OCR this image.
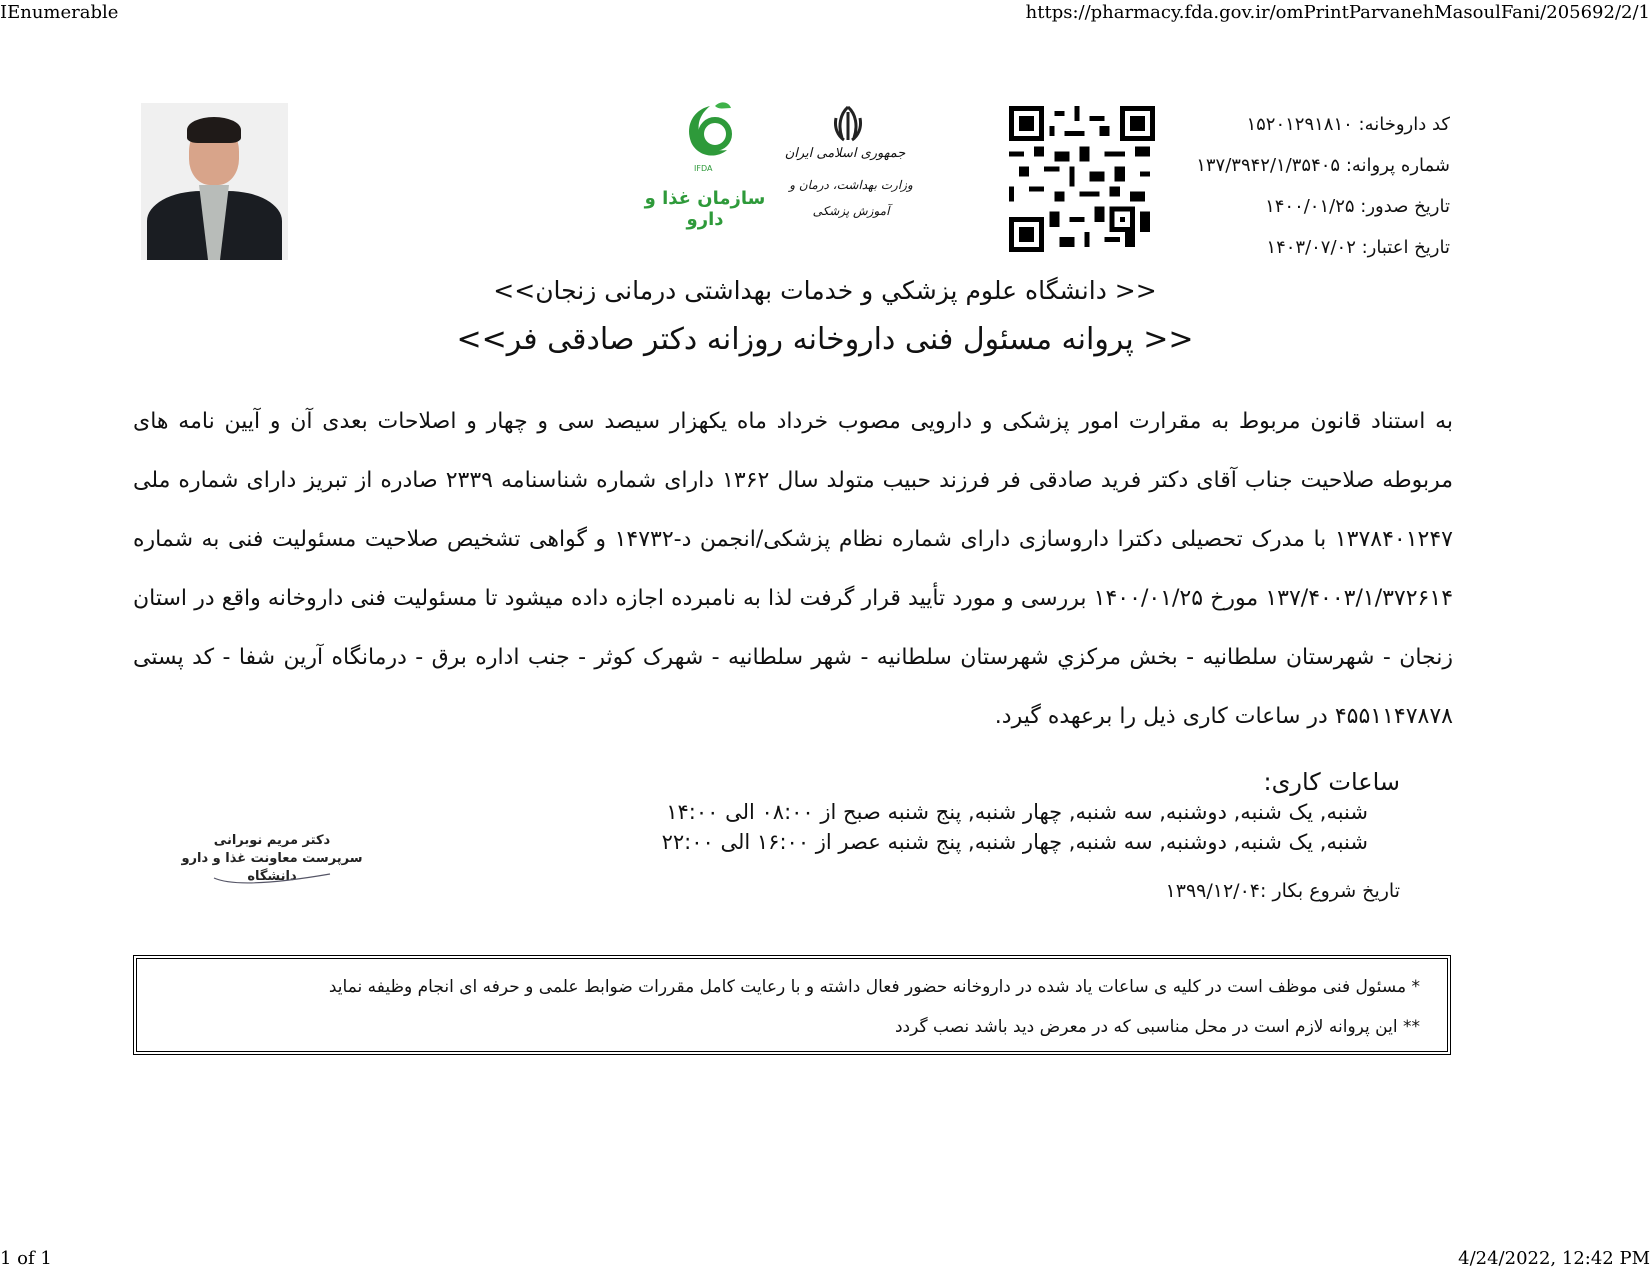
IEnumerable	https://pharmacy.fda.gov.ir/omPrintParvanehMasoulFani/205692/2/1
IFDA
سازمان غذا و دارو
جمهوری اسلامی ایران
وزارت بهداشت، درمان و آموزش پزشکی
کد داروخانه: ۱۵۲۰۱۲۹۱۸۱۰
شماره پروانه: ۱۳۷/۳۹۴۲/۱/۳۵۴۰۵
تاریخ صدور: ۱۴۰۰/۰۱/۲۵
تاریخ اعتبار: ۱۴۰۳/۰۷/۰۲
<< دانشگاه علوم پزشكي و خدمات بهداشتی درمانی زنجان>>
<< پروانه مسئول فنی داروخانه روزانه دکتر صادقی فر>>
به استناد قانون مربوط به مقرارت امور پزشکی و دارویی مصوب خرداد ماه یکهزار سیصد سی و چهار و اصلاحات بعدی آن و آیین نامه های مربوطه صلاحیت جناب آقای دکتر فرید صادقی فر فرزند حبیب متولد سال ۱۳۶۲ دارای شماره شناسنامه ۲۳۳۹ صادره از تبریز دارای شماره ملی ۱۳۷۸۴۰۱۲۴۷ با مدرک تحصیلی دکترا داروسازی دارای شماره نظام پزشکی/انجمن د-۱۴۷۳۲ و گواهی تشخیص صلاحیت مسئولیت فنی به شماره ۱۳۷/۴۰۰۳/۱/۳۷۲۶۱۴ مورخ ۱۴۰۰/۰۱/۲۵ بررسی و مورد تأیید قرار گرفت لذا به نامبرده اجازه داده میشود تا مسئولیت فنی داروخانه واقع در استان زنجان - شهرستان سلطانیه - بخش مرکزي شهرستان سلطانیه - شهر سلطانیه - شهرک کوثر - جنب اداره برق - درمانگاه آرین شفا - کد پستی ۴۵۵۱۱۴۷۸۷۸ در ساعات کاری ذیل را برعهده گیرد.
ساعات کاری:
شنبه, یک شنبه, دوشنبه, سه شنبه, چهار شنبه, پنج شنبه صبح از ۰۸:۰۰ الی ۱۴:۰۰
شنبه, یک شنبه, دوشنبه, سه شنبه, چهار شنبه, پنج شنبه عصر از ۱۶:۰۰ الی ۲۲:۰۰
تاریخ شروع بکار :۱۳۹۹/۱۲/۰۴
دکتر مریم نوبرانی
سرپرست معاونت غذا و دارو دانشگاه
* مسئول فنی موظف است در کلیه ی ساعات یاد شده در داروخانه حضور فعال داشته و با رعایت کامل مقررات ضوابط علمی و حرفه ای انجام وظیفه نماید
** این پروانه لازم است در محل مناسبی که در معرض دید باشد نصب گردد
1 of 1	4/24/2022, 12:42 PM
